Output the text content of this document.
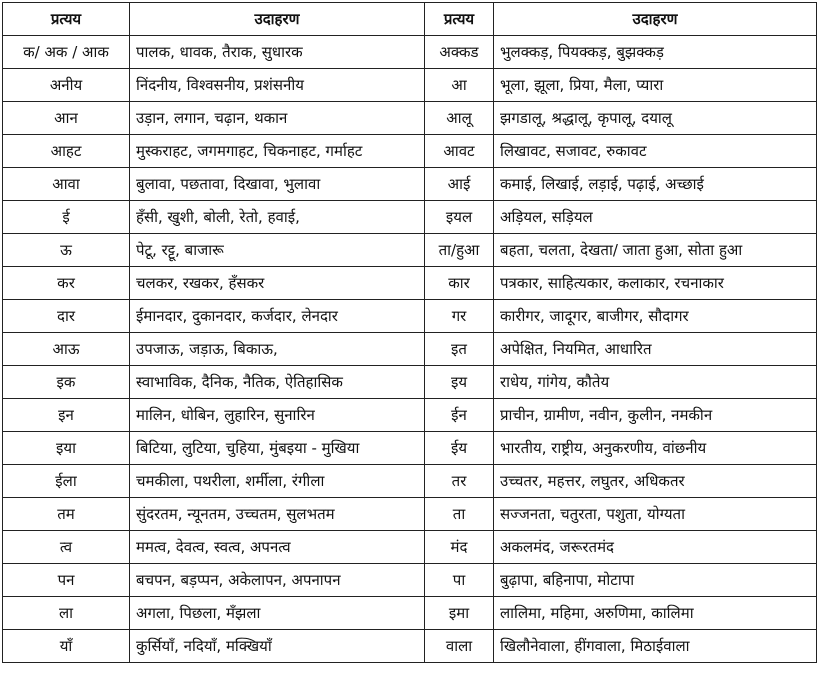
प्रत्यय	उदाहरण	प्रत्यय	उदाहरण
क/ अक / आक	पालक, धावक, तैराक, सुधारक	अक्कड	भुलक्कड़, पियक्कड़, बुझक्कड़
अनीय	निंदनीय, विश्वसनीय, प्रशंसनीय	आ	भूला, झूला, प्रिया, मैला, प्यारा
आन	उड़ान, लगान, चढ़ान, थकान	आलू	झगडालू, श्रद्धालू, कृपालू, दयालू
आहट	मुस्कराहट, जगमगाहट, चिकनाहट, गर्माहट	आवट	लिखावट, सजावट, रुकावट
आवा	बुलावा, पछतावा, दिखावा, भुलावा	आई	कमाई, लिखाई, लड़ाई, पढ़ाई, अच्छाई
ई	हँसी, खुशी, बोली, रेतो, हवाई,	इयल	अड़ियल, सड़ियल
ऊ	पेटू, रट्टू, बाजारू	ता/हुआ	बहता, चलता, देखता/ जाता हुआ, सोता हुआ
कर	चलकर, रखकर, हँसकर	कार	पत्रकार, साहित्यकार, कलाकार, रचनाकार
दार	ईमानदार, दुकानदार, कर्जदार, लेनदार	गर	कारीगर, जादूगर, बाजीगर, सौदागर
आऊ	उपजाऊ, जड़ाऊ, बिकाऊ,	इत	अपेक्षित, नियमित, आधारित
इक	स्वाभाविक, दैनिक, नैतिक, ऐतिहासिक	इय	राधेय, गांगेय, कौतेय
इन	मालिन, धोबिन, लुहारिन, सुनारिन	ईन	प्राचीन, ग्रामीण, नवीन, कुलीन, नमकीन
इया	बिटिया, लुटिया, चुहिया, मुंबइया - मुखिया	ईय	भारतीय, राष्ट्रीय, अनुकरणीय, वांछनीय
ईला	चमकीला, पथरीला, शर्मीला, रंगीला	तर	उच्चतर, महत्तर, लघुतर, अधिकतर
तम	सुंदरतम, न्यूनतम, उच्चतम, सुलभतम	ता	सज्जनता, चतुरता, पशुता, योग्यता
त्व	ममत्व, देवत्व, स्वत्व, अपनत्व	मंद	अकलमंद, जरूरतमंद
पन	बचपन, बड़प्पन, अकेलापन, अपनापन	पा	बुढ़ापा, बहिनापा, मोटापा
ला	अगला, पिछला, मँझला	इमा	लालिमा, महिमा, अरुणिमा, कालिमा
याँ	कुर्सियाँ, नदियाँ, मक्खियाँ	वाला	खिलौनेवाला, हींगवाला, मिठाईवाला
